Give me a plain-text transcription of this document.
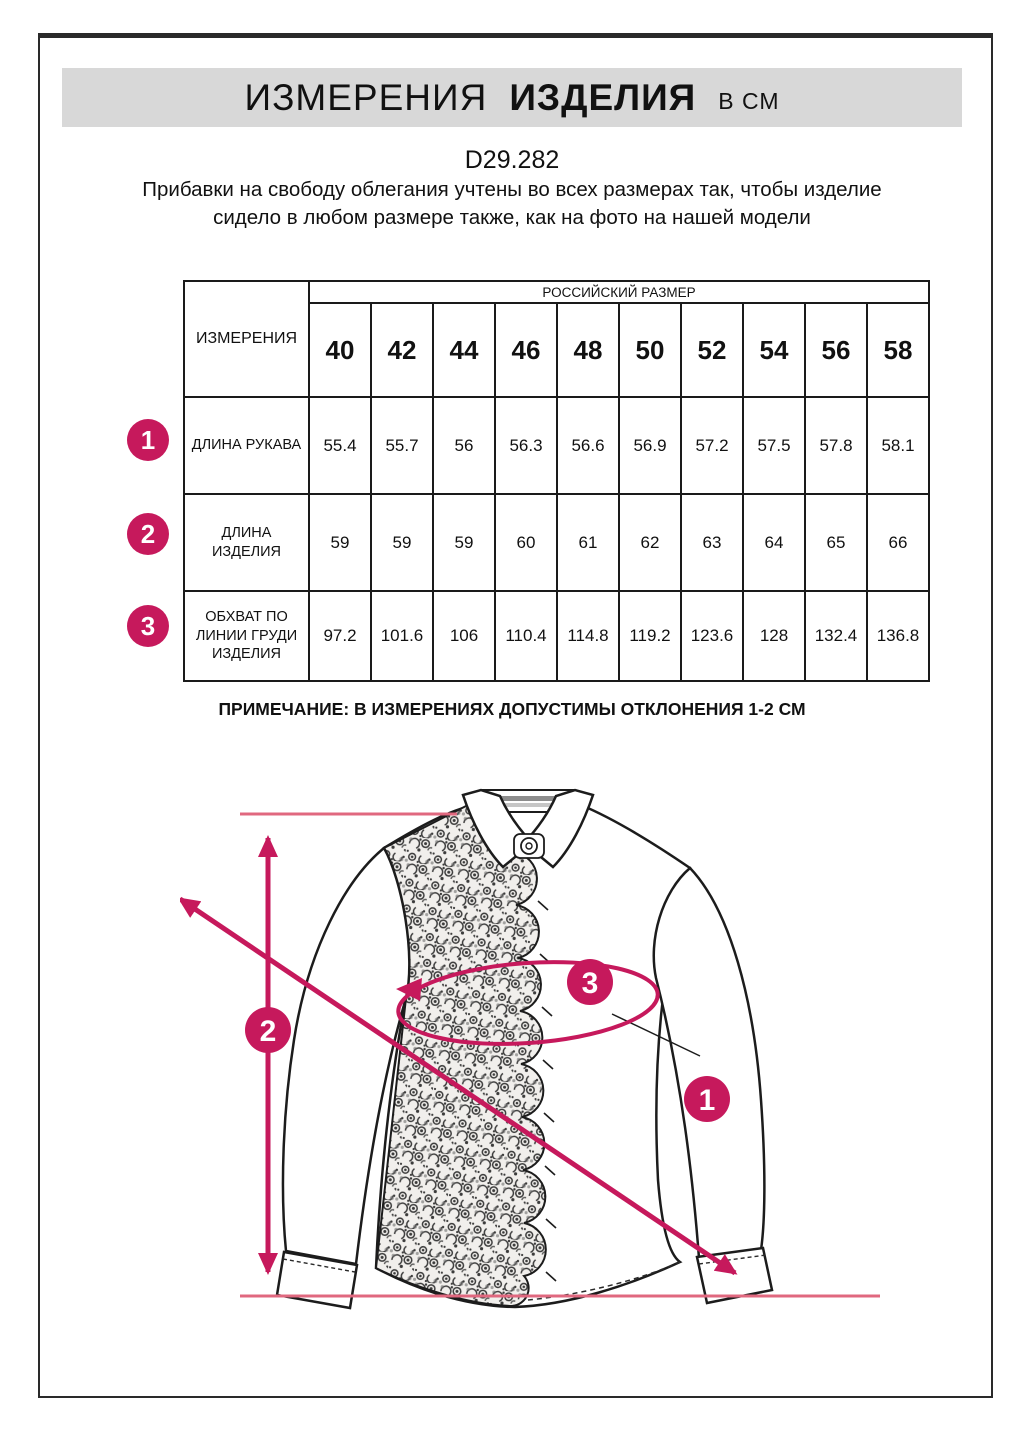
ИЗМЕРЕНИЯ ИЗДЕЛИЯ В СМ
D29.282
Прибавки на свободу облегания учтены во всех размерах так, чтобы изделие сидело в любом размере также, как на фото на нашей модели
ИЗМЕРЕНИЯ	РОССИЙСКИЙ РАЗМЕР									
	40	42	44	46	48	50	52	54	56	58
ДЛИНА РУКАВА	55.4	55.7	56	56.3	56.6	56.9	57.2	57.5	57.8	58.1
ДЛИНА ИЗДЕЛИЯ	59	59	59	60	61	62	63	64	65	66
ОБХВАТ ПО ЛИНИИ ГРУДИ ИЗДЕЛИЯ	97.2	101.6	106	110.4	114.8	119.2	123.6	128	132.4	136.8
1
2
3
ПРИМЕЧАНИЕ: В ИЗМЕРЕНИЯХ ДОПУСТИМЫ ОТКЛОНЕНИЯ 1-2 СМ
2
3
1
